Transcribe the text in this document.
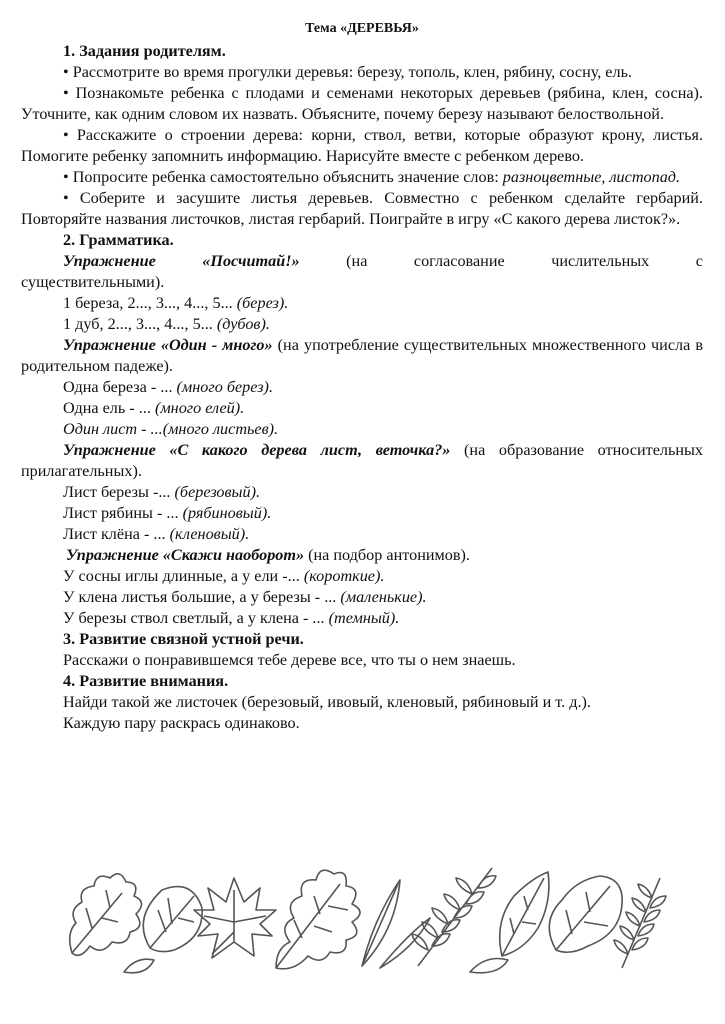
Тема «ДЕРЕВЬЯ»
1. Задания родителям.
• Рассмотрите во время прогулки деревья: березу, тополь, клен, рябину, сосну, ель.
• Познакомьте ребенка с плодами и семенами некоторых деревьев (рябина, клен, сосна). Уточните, как одним словом их назвать. Объясните, почему березу называют белоствольной.
• Расскажите о строении дерева: корни, ствол, ветви, которые образуют крону, листья. Помогите ребенку запомнить информацию. Нарисуйте вместе с ребенком дерево.
• Попросите ребенка самостоятельно объяснить значение слов: разноцветные, листопад.
• Соберите и засушите листья деревьев. Совместно с ребенком сделайте гербарий. Повторяйте названия листочков, листая гербарий. Поиграйте в игру «С какого дерева листок?».
2. Грамматика.
Упражнение	«Посчитай!»	(на	согласование	числительных	с
существительными).
1 береза, 2..., 3..., 4..., 5... (берез).
1 дуб, 2..., 3..., 4..., 5... (дубов).
Упражнение «Один - много» (на употребление существительных множественного числа в родительном падеже).
Одна береза - ... (много берез).
Одна ель - ... (много елей).
Один лист - ...(много листьев).
Упражнение «С какого дерева лист, веточка?» (на образование относительных прилагательных).
Лист березы -... (березовый).
Лист рябины - ... (рябиновый).
Лист клёна - ... (кленовый).
Упражнение «Скажи наоборот» (на подбор антонимов).
У сосны иглы длинные, а у ели -... (короткие).
У клена листья большие, а у березы - ... (маленькие).
У березы ствол светлый, а у клена - ... (темный).
3. Развитие связной устной речи.
Расскажи о понравившемся тебе дереве все, что ты о нем знаешь.
4. Развитие внимания.
Найди такой же листочек (березовый, ивовый, кленовый, рябиновый и т. д.).
Каждую пару раскрась одинаково.
